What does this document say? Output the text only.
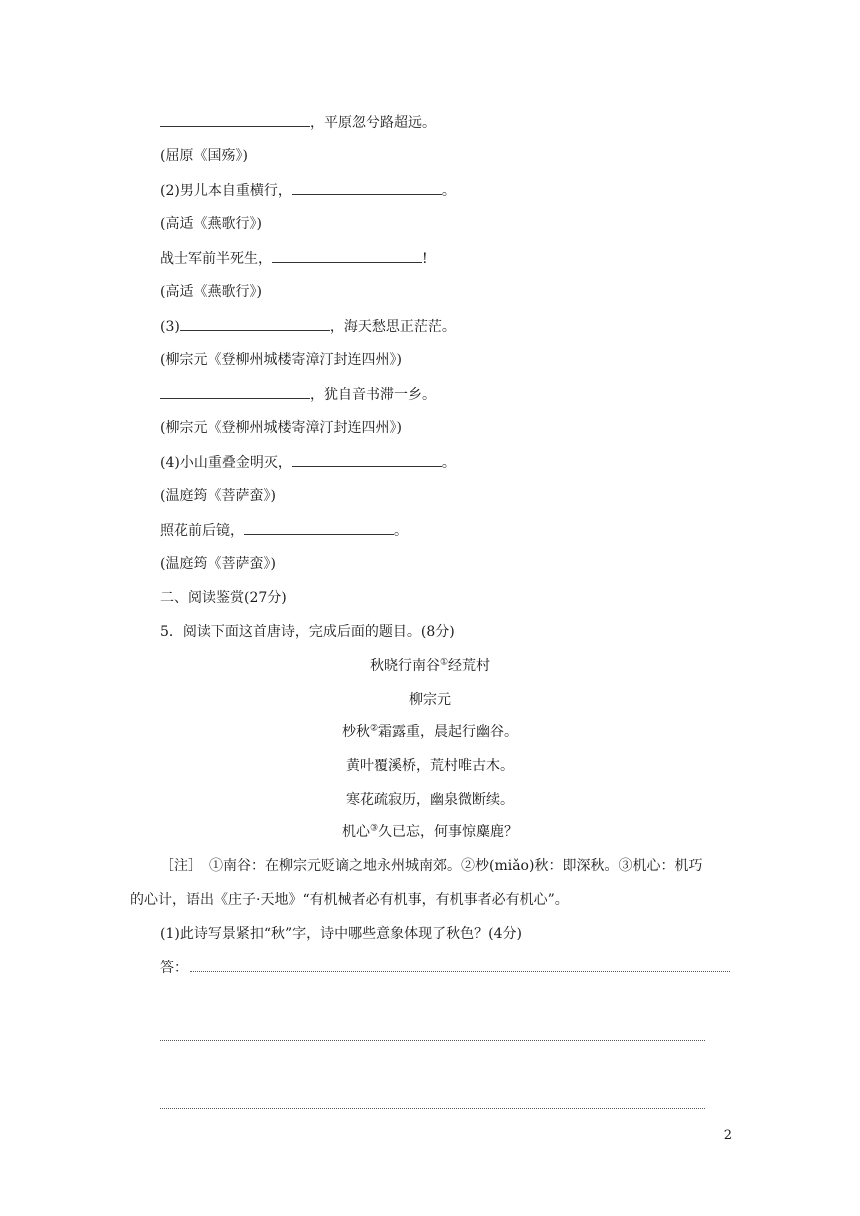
，平原忽兮路超远。
(屈原《国殇》)
(2)男儿本自重横行，	。
(高适《燕歌行》)
战士军前半死生，	!
(高适《燕歌行》)
(3)	，海天愁思正茫茫。
(柳宗元《登柳州城楼寄漳汀封连四州》)
，犹自音书滞一乡。
(柳宗元《登柳州城楼寄漳汀封连四州》)
(4)小山重叠金明灭，	。
(温庭筠《菩萨蛮》)
照花前后镜，	。
(温庭筠《菩萨蛮》)
二、阅读鉴赏(27分)
5．阅读下面这首唐诗，完成后面的题目。(8分)
秋晓行南谷①经荒村
柳宗元
杪秋②霜露重，晨起行幽谷。
黄叶覆溪桥，荒村唯古木。
寒花疏寂历，幽泉微断续。
机心③久已忘，何事惊麋鹿？
［注］　①南谷：在柳宗元贬谪之地永州城南郊。②杪(miǎo)秋：即深秋。③机心：机巧
的心计，语出《庄子·天地》“有机械者必有机事，有机事者必有机心”。
(1)此诗写景紧扣“秋”字，诗中哪些意象体现了秋色？(4分)
答：
2
